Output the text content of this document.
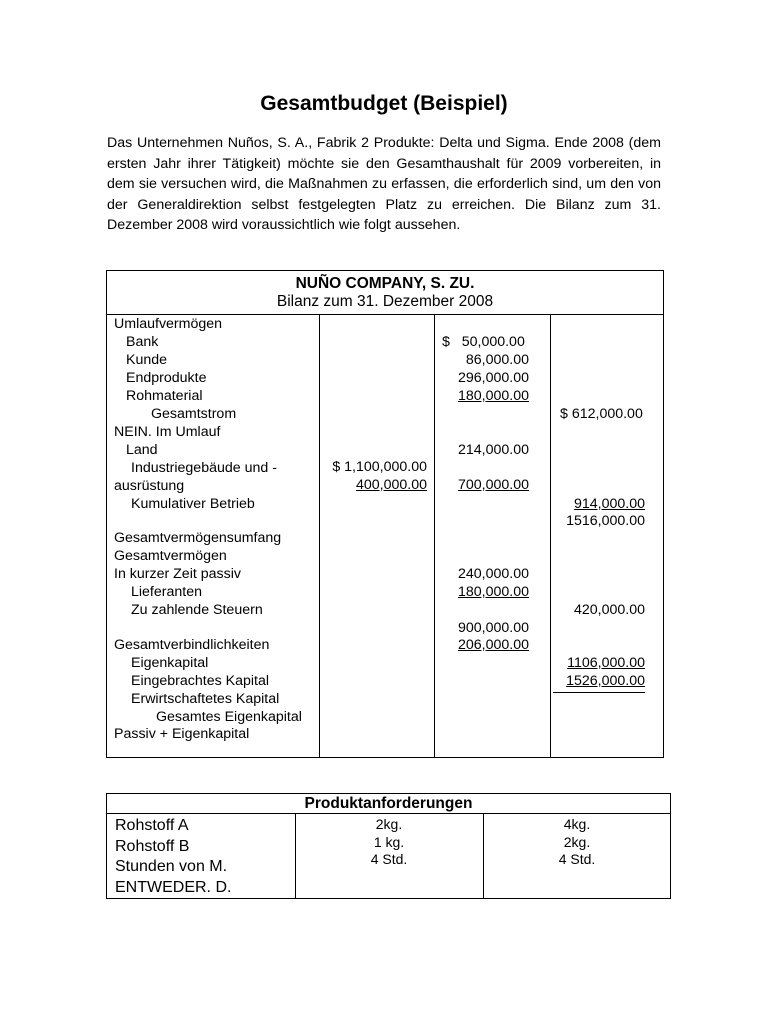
Gesamtbudget (Beispiel)

Das Unternehmen Nuños, S. A., Fabrik 2 Produkte: Delta und Sigma. Ende 2008 (dem ersten Jahr ihrer Tätigkeit) möchte sie den Gesamthaushalt für 2009 vorbereiten, in dem sie versuchen wird, die Maßnahmen zu erfassen, die erforderlich sind, um den von der Generaldirektion selbst festgelegten Platz zu erreichen. Die Bilanz zum 31. Dezember 2008 wird voraussichtlich wie folgt aussehen.

NUÑO COMPANY, S. ZU.
Bilanz zum 31. Dezember 2008
Umlaufvermögen
Bank
Kunde
Endprodukte
Rohmaterial
Gesamtstrom
NEIN. Im Umlauf
Land
Industriegebäude und -
ausrüstung
Kumulativer Betrieb
Gesamtvermögensumfang
Gesamtvermögen
In kurzer Zeit passiv
Lieferanten
Zu zahlende Steuern
Gesamtverbindlichkeiten
Eigenkapital
Eingebrachtes Kapital
Erwirtschaftetes Kapital
Gesamtes Eigenkapital
Passiv + Eigenkapital
$ 1,100,000.00
400,000.00
$   50,000.00
86,000.00
296,000.00
180,000.00
214,000.00
700,000.00
240,000.00
180,000.00
900,000.00
206,000.00
$ 612,000.00
914,000.00
1516,000.00
420,000.00
1106,000.00
1526,000.00
Produktanforderungen
Rohstoff A
Rohstoff B
Stunden von M.
ENTWEDER. D.
2kg.
1 kg.
4 Std.
4kg.
2kg.
4 Std.
